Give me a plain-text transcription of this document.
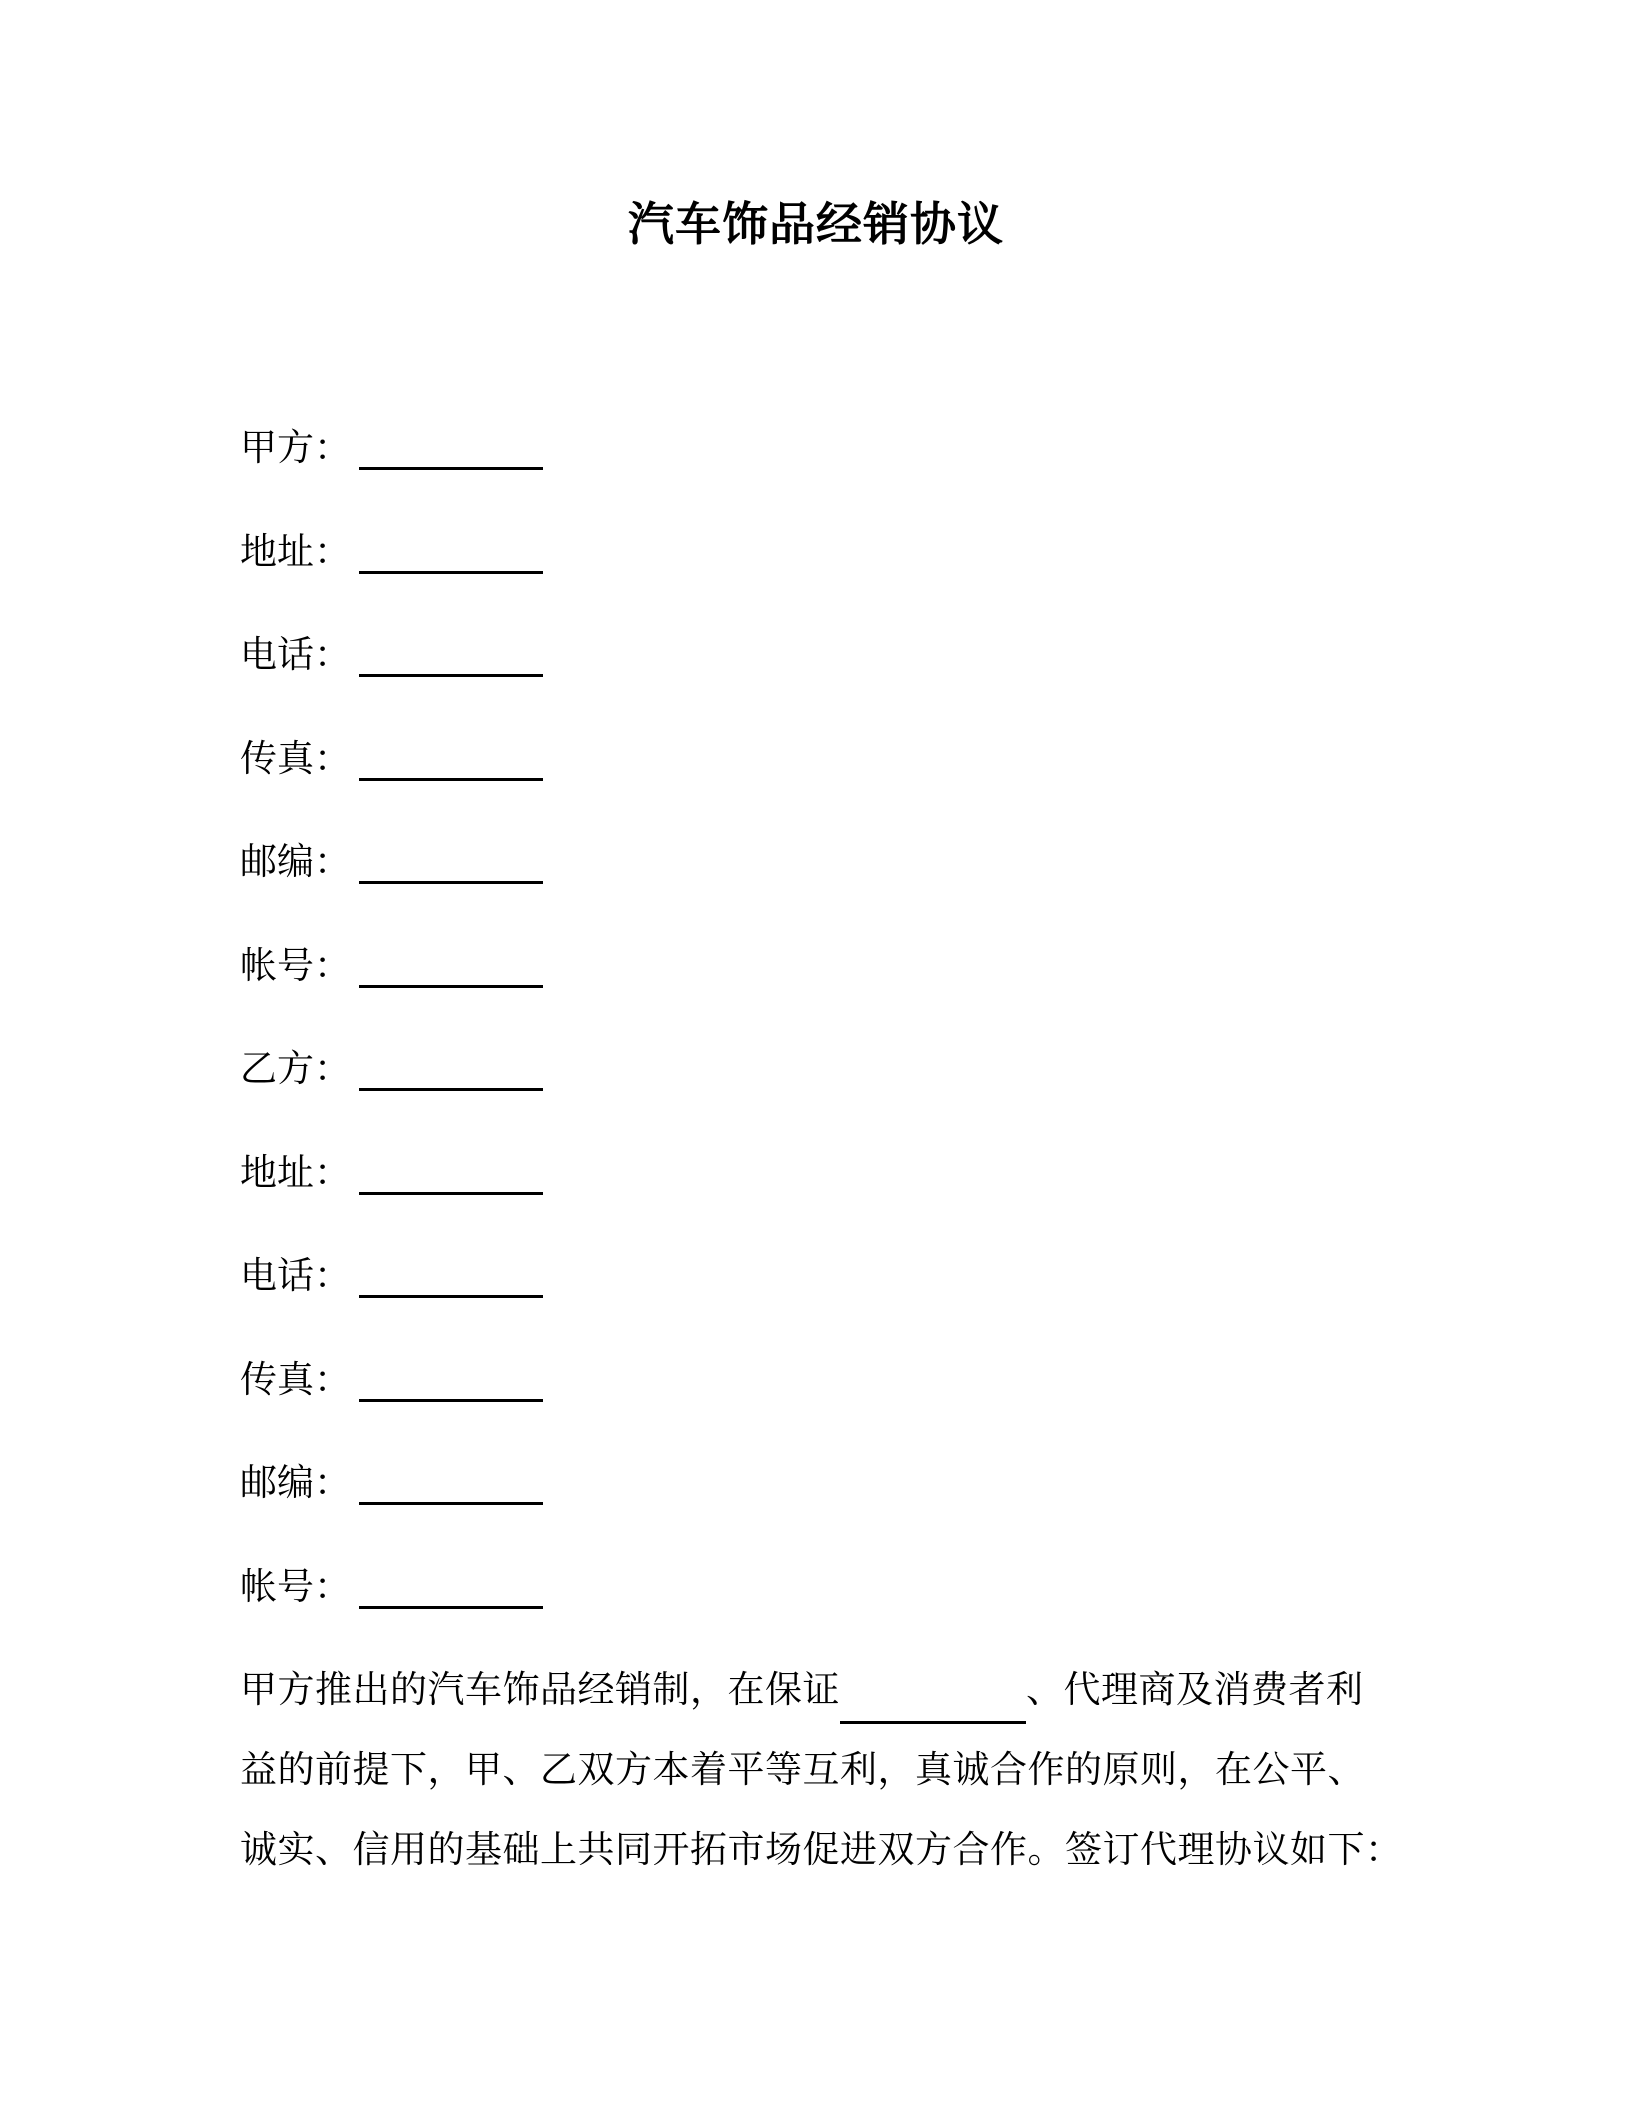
汽车饰品经销协议
甲方：
地址：
电话：
传真：
邮编：
帐号：
乙方：
地址：
电话：
传真：
邮编：
帐号：

甲方推出的汽车饰品经销制，在保证	、代理商及消费者利
益的前提下，甲、乙双方本着平等互利，真诚合作的原则，在公平、
诚实、信用的基础上共同开拓市场促进双方合作。签订代理协议如下：
